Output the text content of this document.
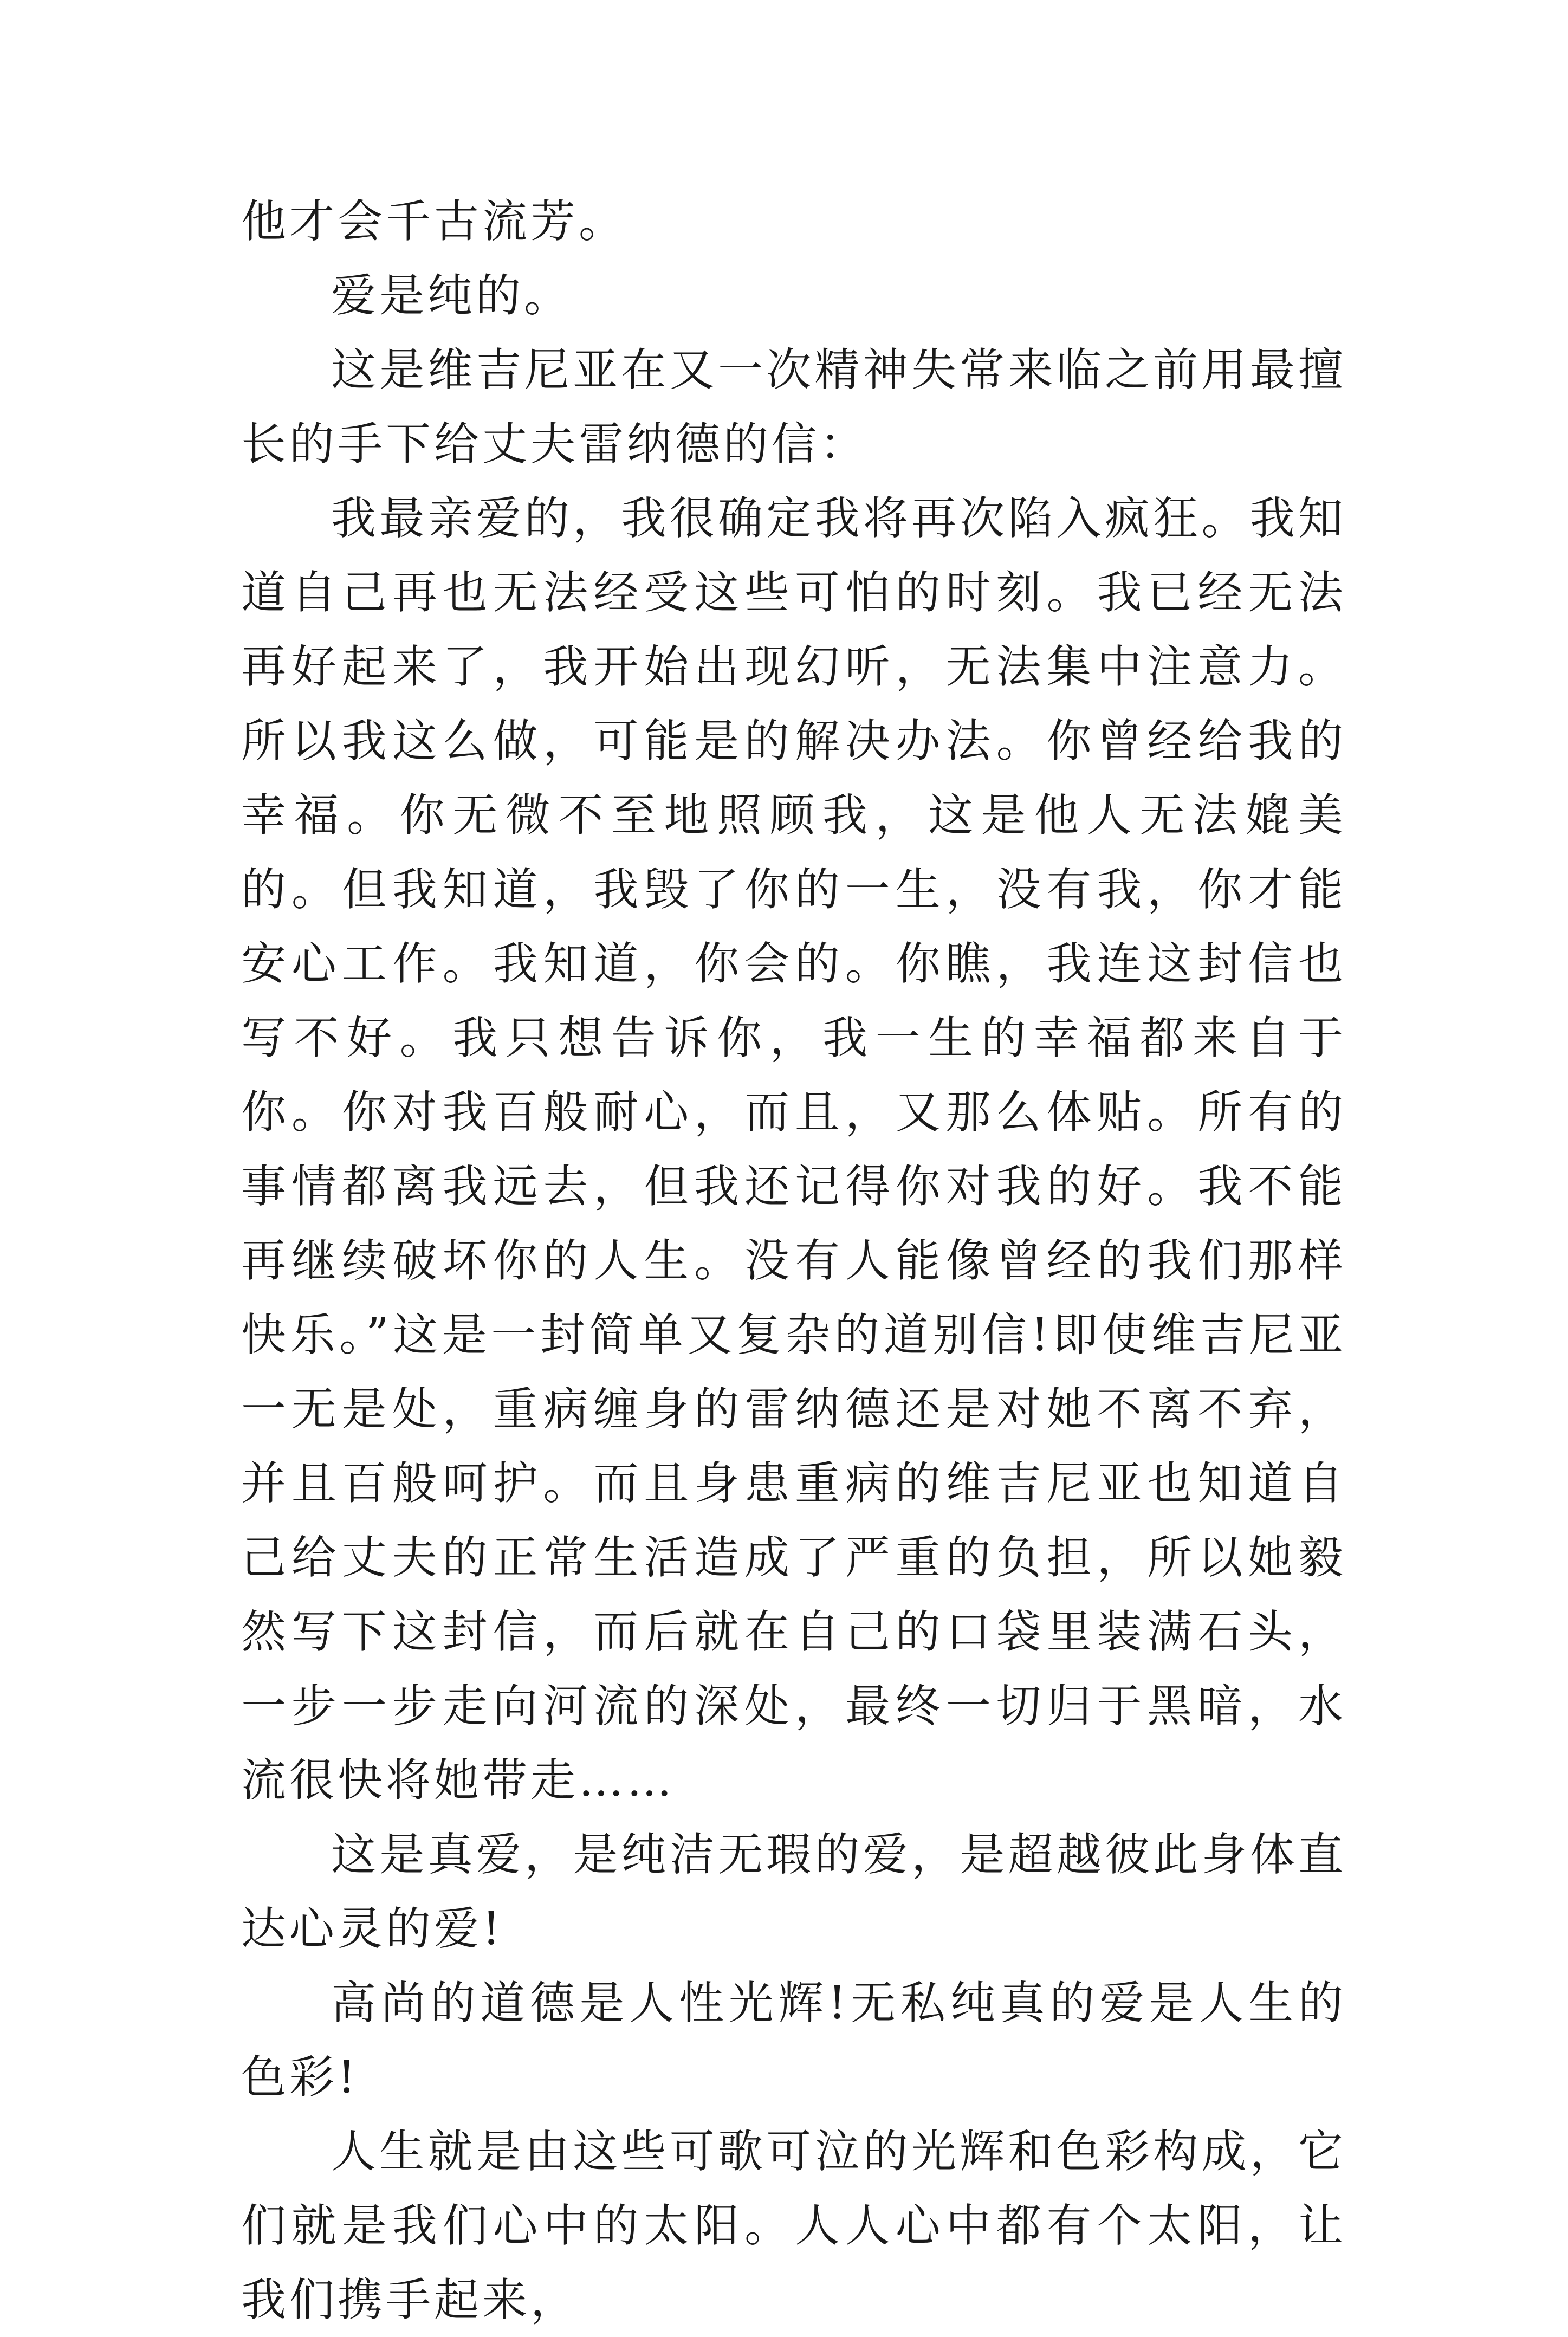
他才会千古流芳。

爱是纯的。

这是维吉尼亚在又一次精神失常来临之前用最擅长的手下给丈夫雷纳德的信：

我最亲爱的，我很确定我将再次陷入疯狂。我知道自己再也无法经受这些可怕的时刻。我已经无法再好起来了，我开始出现幻听，无法集中注意力。所以我这么做，可能是的解决办法。你曾经给我的幸福。你无微不至地照顾我，这是他人无法媲美的。但我知道，我毁了你的一生，没有我，你才能安心工作。我知道，你会的。你瞧，我连这封信也写不好。我只想告诉你，我一生的幸福都来自于你。你对我百般耐心，而且，又那么体贴。所有的事情都离我远去，但我还记得你对我的好。我不能再继续破坏你的人生。没有人能像曾经的我们那样快乐。”这是一封简单又复杂的道别信!即使维吉尼亚一无是处，重病缠身的雷纳德还是对她不离不弃，并且百般呵护。而且身患重病的维吉尼亚也知道自己给丈夫的正常生活造成了严重的负担，所以她毅然写下这封信，而后就在自己的口袋里装满石头，一步一步走向河流的深处，最终一切归于黑暗，水流很快将她带走……

这是真爱，是纯洁无瑕的爱，是超越彼此身体直达心灵的爱!

高尚的道德是人性光辉!无私纯真的爱是人生的色彩!

人生就是由这些可歌可泣的光辉和色彩构成，它们就是我们心中的太阳。人人心中都有个太阳，让我们携手起来，
